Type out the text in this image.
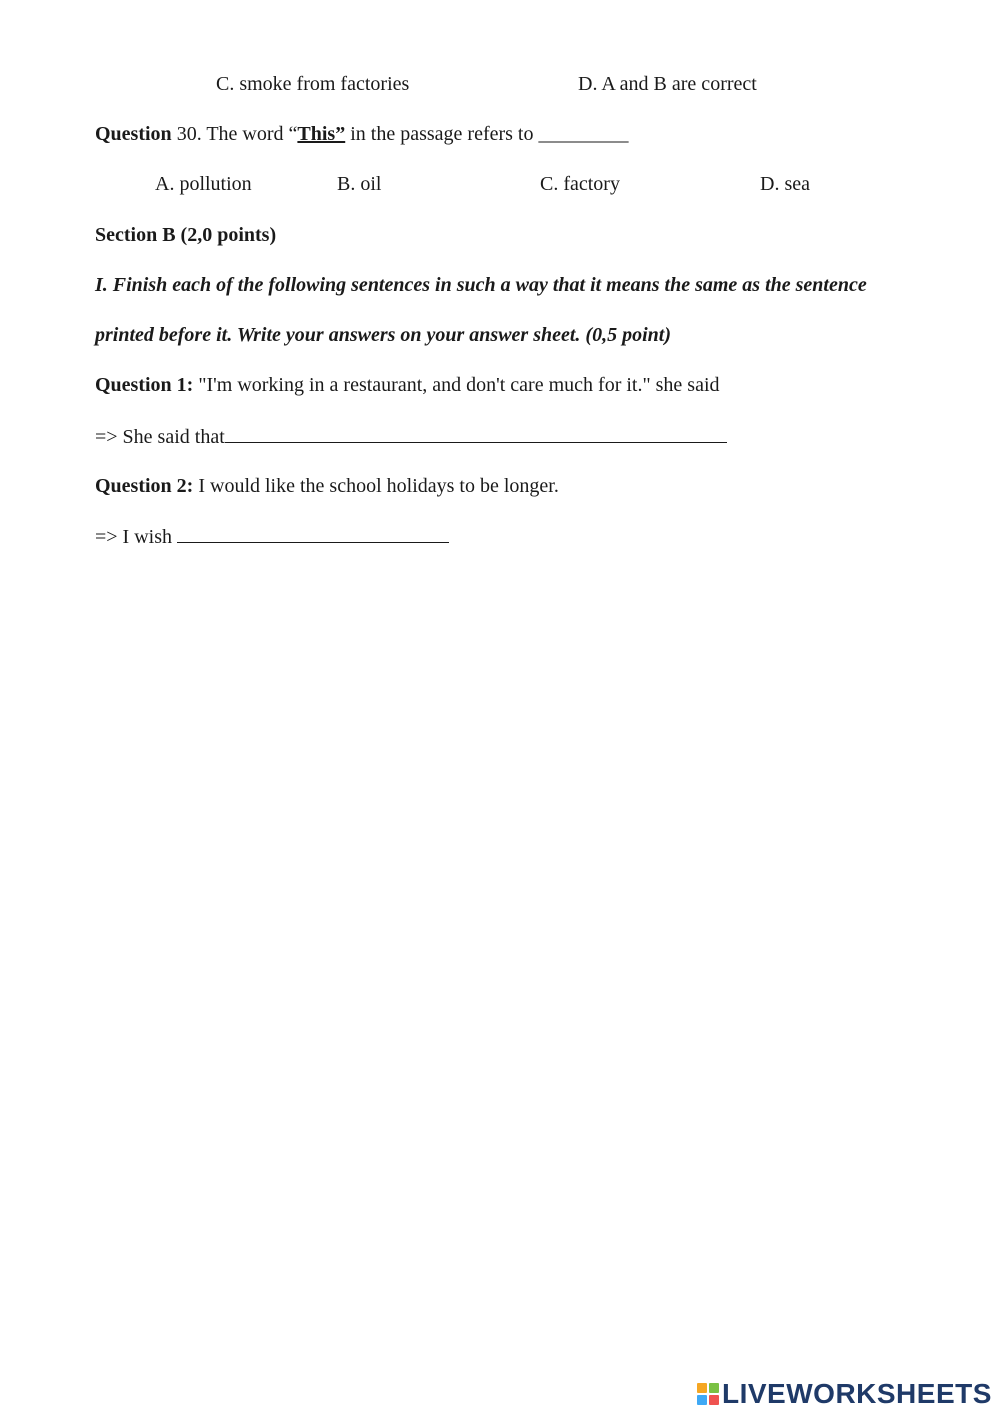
C. smoke from factories	D. A and B are correct
Question 30. The word “This” in the passage refers to _________
A. pollution	B. oil	C. factory	D. sea
Section B (2,0 points)
I. Finish each of the following sentences in such a way that it means the same as the sentence
printed before it. Write your answers on your answer sheet. (0,5 point)
Question 1: "I'm working in a restaurant, and don't care much for it." she said
=> She said that
Question 2: I would like the school holidays to be longer.
=> I wish
LIVEWORKSHEETS
